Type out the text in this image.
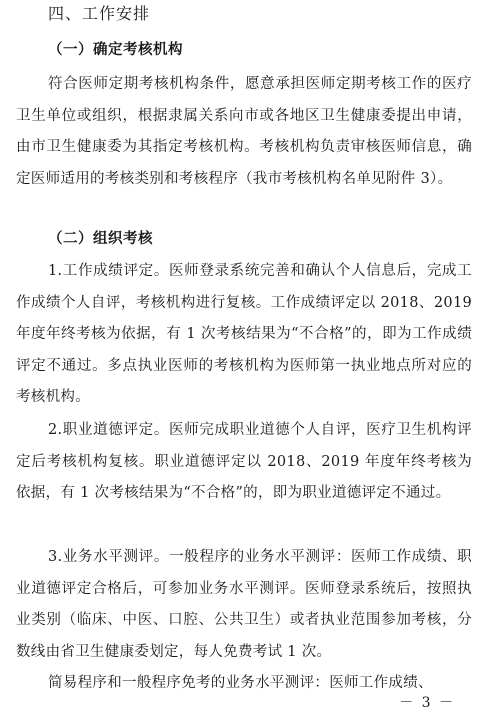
四、工作安排
（一）确定考核机构

符合医师定期考核机构条件，愿意承担医师定期考核工作的医疗卫生单位或组织，根据隶属关系向市或各地区卫生健康委提出申请，由市卫生健康委为其指定考核机构。考核机构负责审核医师信息，确定医师适用的考核类别和考核程序（我市考核机构名单见附件 3）。

（二）组织考核

1.工作成绩评定。医师登录系统完善和确认个人信息后，完成工作成绩个人自评，考核机构进行复核。工作成绩评定以 2018、2019 年度年终考核为依据，有 1 次考核结果为“不合格”的，即为工作成绩评定不通过。多点执业医师的考核机构为医师第一执业地点所对应的考核机构。

2.职业道德评定。医师完成职业道德个人自评，医疗卫生机构评定后考核机构复核。职业道德评定以 2018、2019 年度年终考核为依据，有 1 次考核结果为“不合格”的，即为职业道德评定不通过。

3.业务水平测评。一般程序的业务水平测评：医师工作成绩、职业道德评定合格后，可参加业务水平测评。医师登录系统后，按照执业类别（临床、中医、口腔、公共卫生）或者执业范围参加考核，分数线由省卫生健康委划定，每人免费考试 1 次。

简易程序和一般程序免考的业务水平测评：医师工作成绩、

－ 3 －
